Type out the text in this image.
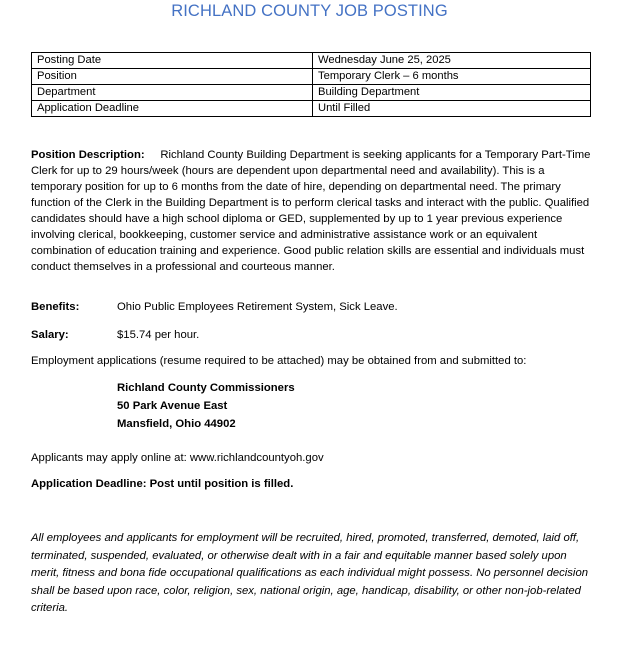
RICHLAND COUNTY JOB POSTING
Posting Date	Wednesday June 25, 2025
Position	Temporary Clerk – 6 months
Department	Building Department
Application Deadline	Until Filled
Position Description: Richland County Building Department is seeking applicants for a Temporary Part-Time Clerk for up to 29 hours/week (hours are dependent upon departmental need and availability). This is a temporary position for up to 6 months from the date of hire, depending on departmental need. The primary function of the Clerk in the Building Department is to perform clerical tasks and interact with the public. Qualified candidates should have a high school diploma or GED, supplemented by up to 1 year previous experience involving clerical, bookkeeping, customer service and administrative assistance work or an equivalent combination of education training and experience. Good public relation skills are essential and individuals must conduct themselves in a professional and courteous manner.
Benefits:	Ohio Public Employees Retirement System, Sick Leave.
Salary:	$15.74 per hour.
Employment applications (resume required to be attached) may be obtained from and submitted to:
Richland County Commissioners
50 Park Avenue East
Mansfield, Ohio 44902
Applicants may apply online at: www.richlandcountyoh.gov
Application Deadline: Post until position is filled.
All employees and applicants for employment will be recruited, hired, promoted, transferred, demoted, laid off, terminated, suspended, evaluated, or otherwise dealt with in a fair and equitable manner based solely upon merit, fitness and bona fide occupational qualifications as each individual might possess. No personnel decision shall be based upon race, color, religion, sex, national origin, age, handicap, disability, or other non-job-related criteria.
